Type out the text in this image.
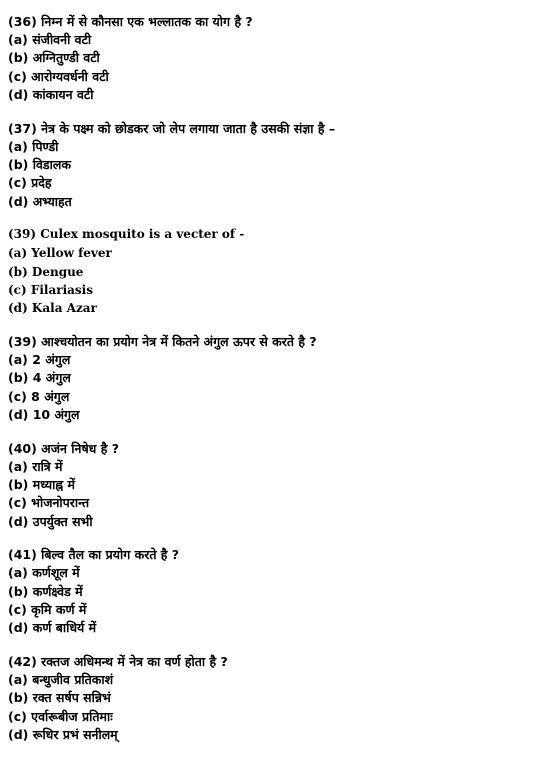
(36) निम्न में से कौनसा एक भल्लातक का योग है ?
(a) संजीवनी वटी
(b) अग्नितुण्डी वटी
(c) आरोग्यवर्धनी वटी
(d) कांकायन वटी
(37) नेत्र के पक्ष्म को छोडकर जो लेप लगाया जाता है उसकी संज्ञा है –
(a) पिण्डी
(b) विडालक
(c) प्रदेह
(d) अभ्याहत
(39) Culex mosquito is a vecter of -
(a) Yellow fever
(b) Dengue
(c) Filariasis
(d) Kala Azar
(39) आश्चयोतन का प्रयोग नेत्र में कितने अंगुल ऊपर से करते है ?
(a) 2 अंगुल
(b) 4 अंगुल
(c) 8 अंगुल
(d) 10 अंगुल
(40) अजंन निषेध है ?
(a) रात्रि में
(b) मध्याह्न में
(c) भोजनोपरान्त
(d) उपर्युक्त सभी
(41) बिल्व तैल का प्रयोग करते है ?
(a) कर्णशूल में
(b) कर्णक्ष्वेड में
(c) कृमि कर्ण में
(d) कर्ण बाधिर्य में
(42) रक्तज अधिमन्थ में नेत्र का वर्ण होता है ?
(a) बन्धुजीव प्रतिकाशं
(b) रक्त सर्षप सन्निभं
(c) एर्वारूबीज प्रतिमाः
(d) रूधिर प्रभं सनीलम्
